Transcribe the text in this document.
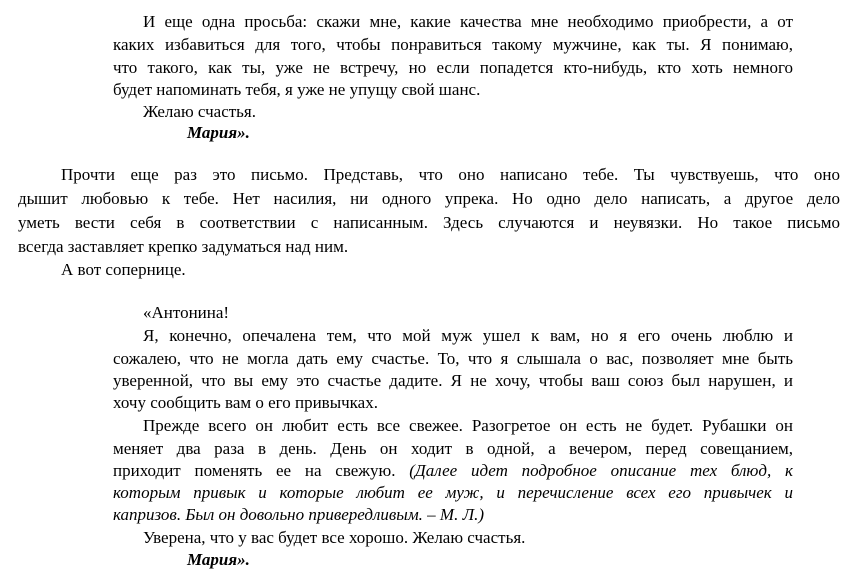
И еще одна просьба: скажи мне, какие качества мне необходимо приобрести, а от
каких избавиться для того, чтобы понравиться такому мужчине, как ты. Я понимаю,
что такого, как ты, уже не встречу, но если попадется кто-нибудь, кто хоть немного
будет напоминать тебя, я уже не упущу свой шанс.
Желаю счастья.
Мария».
Прочти еще раз это письмо. Представь, что оно написано тебе. Ты чувствуешь, что оно
дышит любовью к тебе. Нет насилия, ни одного упрека. Но одно дело написать, а другое дело
уметь вести себя в соответствии с написанным. Здесь случаются и неувязки. Но такое письмо
всегда заставляет крепко задуматься над ним.
А вот сопернице.
«Антонина!
Я, конечно, опечалена тем, что мой муж ушел к вам, но я его очень люблю и
сожалею, что не могла дать ему счастье. То, что я слышала о вас, позволяет мне быть
уверенной, что вы ему это счастье дадите. Я не хочу, чтобы ваш союз был нарушен, и
хочу сообщить вам о его привычках.
Прежде всего он любит есть все свежее. Разогретое он есть не будет. Рубашки он
меняет два раза в день. День он ходит в одной, а вечером, перед совещанием,
приходит поменять ее на свежую. (Далее идет подробное описание тех блюд, к
которым привык и которые любит ее муж, и перечисление всех его привычек и
капризов. Был он довольно привередливым. – М. Л.)
Уверена, что у вас будет все хорошо. Желаю счастья.
Мария».
